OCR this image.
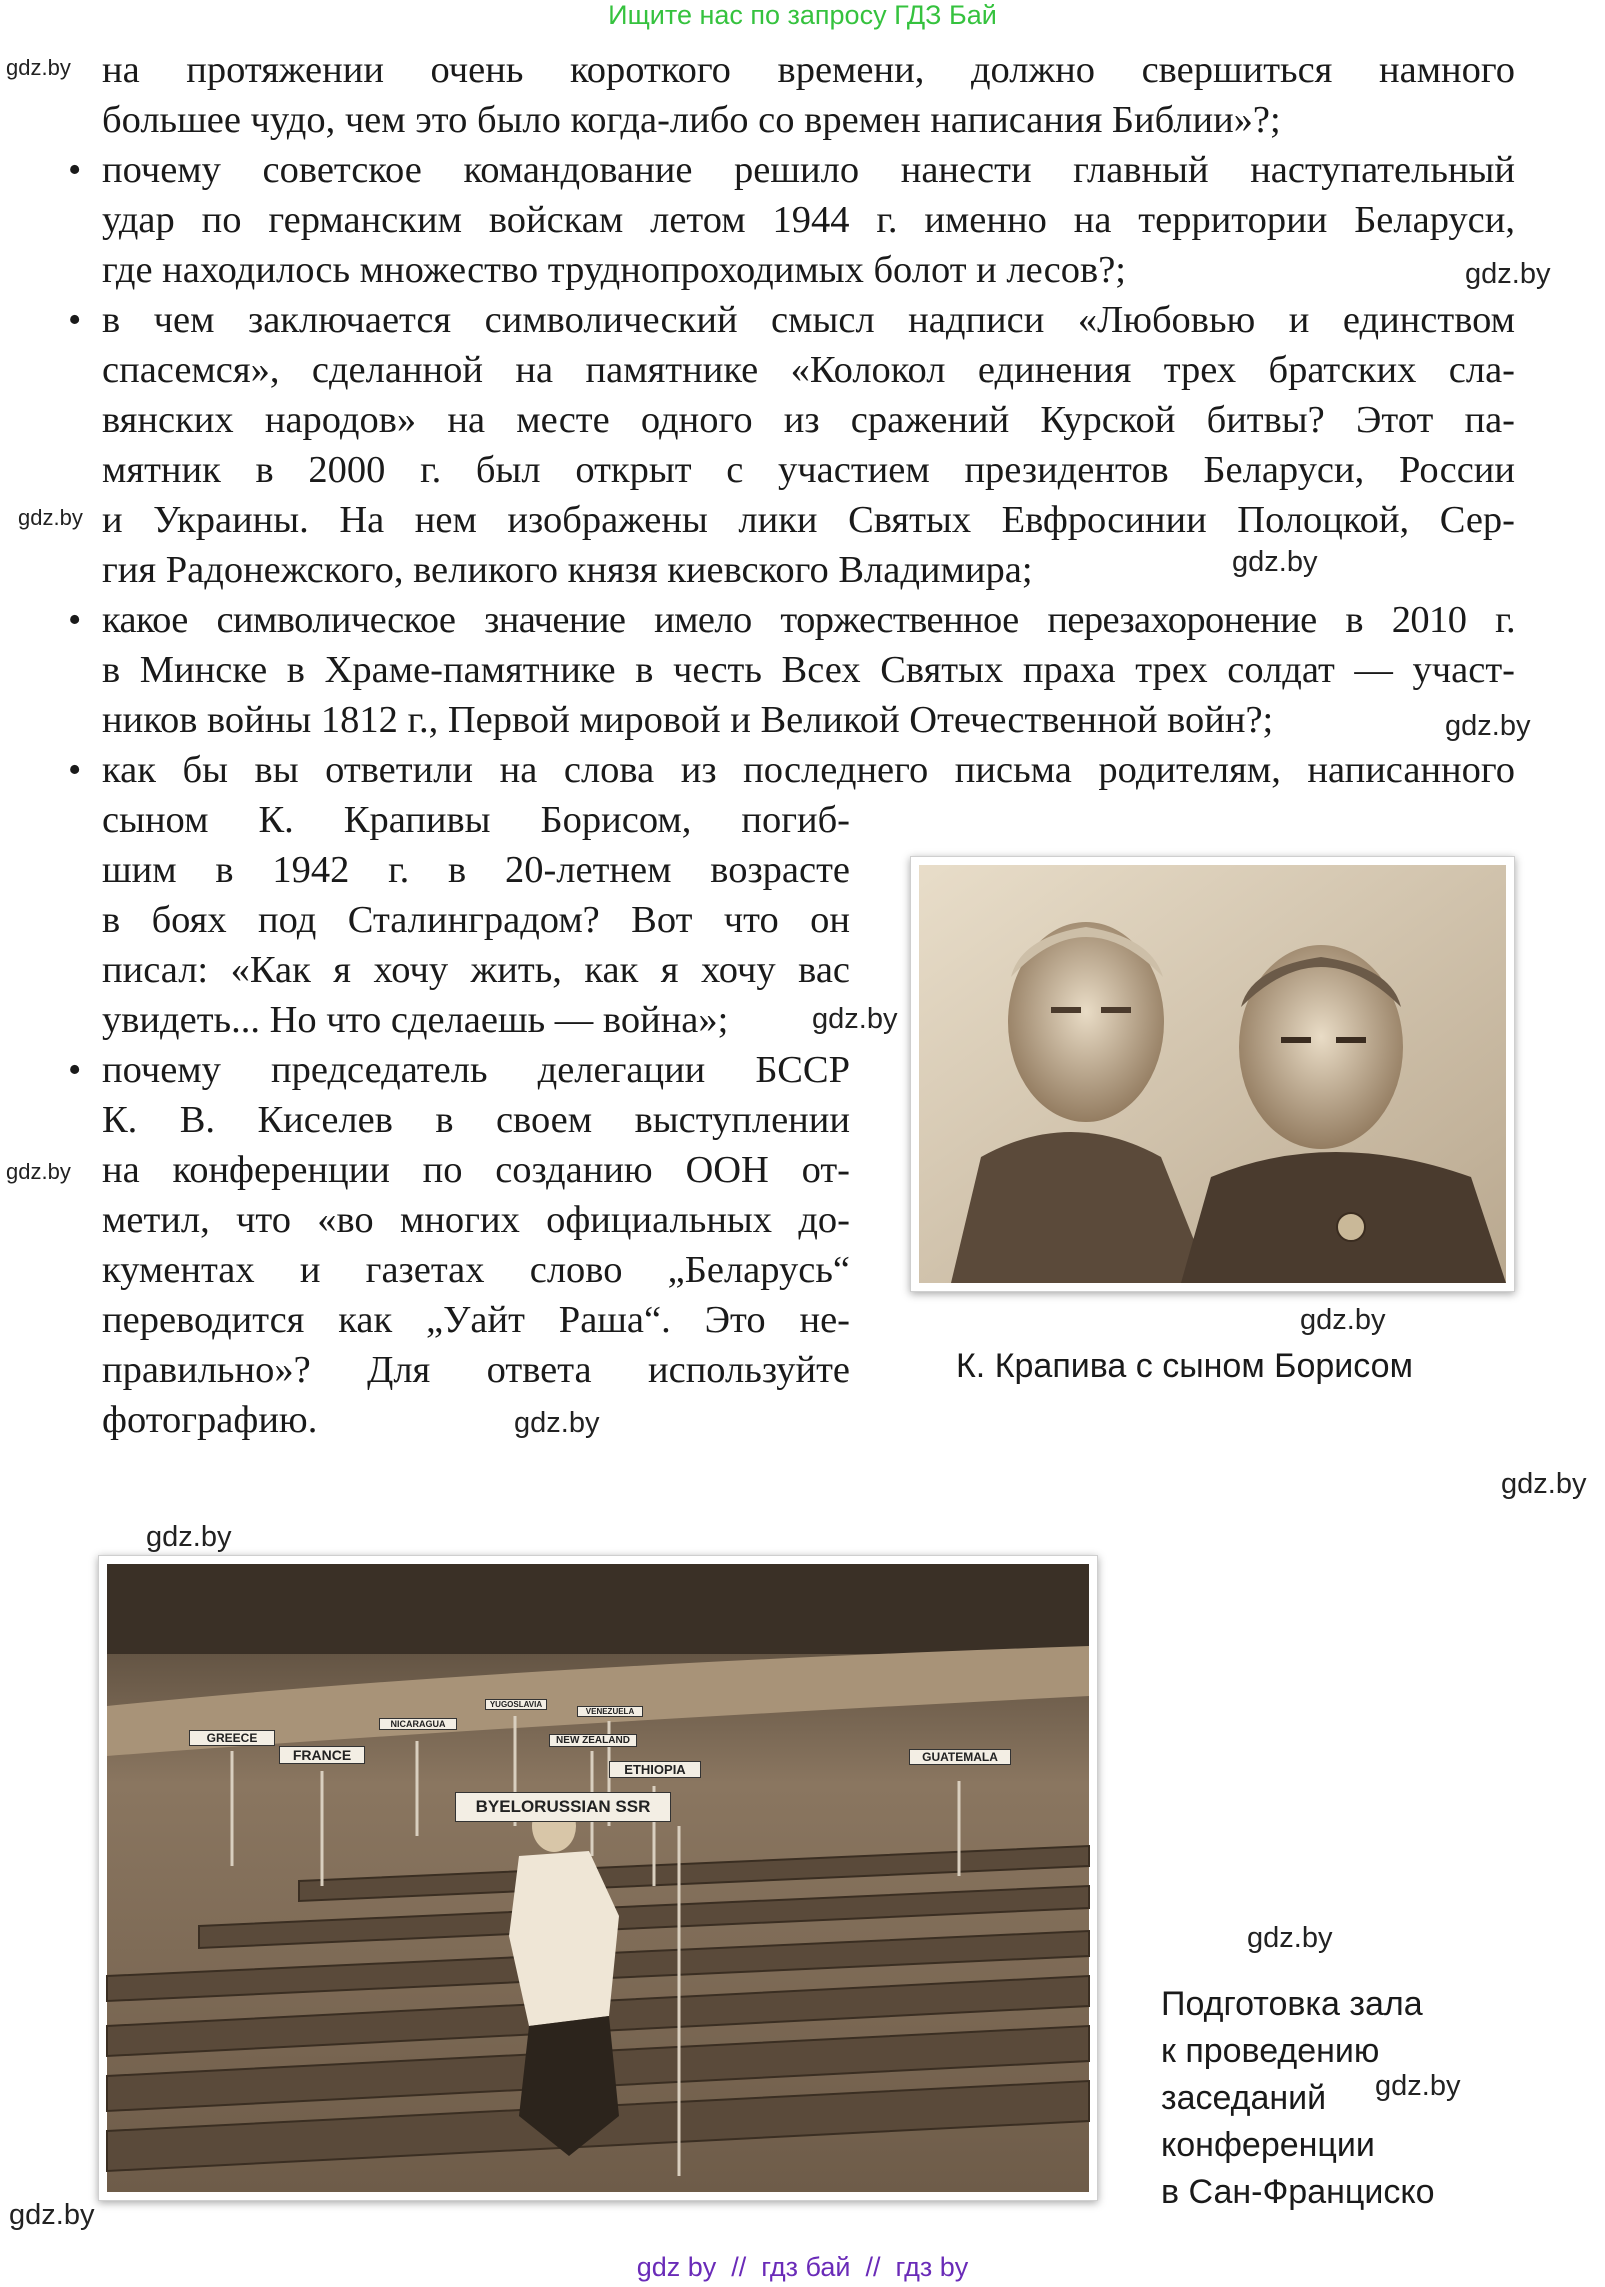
Ищите нас по запросу ГДЗ Бай
gdz.by
gdz.by
gdz.by
gdz.by
gdz.by
gdz.by
gdz.by
gdz.by
gdz.by
gdz.by
gdz.by
gdz.by
gdz.by
gdz.by
на протяжении очень короткого времени, должно свершиться намного
большее чудо, чем это было когда-либо со времен написания Библии»?;
• почему советское командование решило нанести главный наступательный
удар по германским войскам летом 1944 г. именно на территории Беларуси,
где находилось множество труднопроходимых болот и лесов?;
• в чем заключается символический смысл надписи «Любовью и единством
спасемся», сделанной на памятнике «Колокол единения трех братских сла-
вянских народов» на месте одного из сражений Курской битвы? Этот па-
мятник в 2000 г. был открыт с участием президентов Беларуси, России
и Украины. На нем изображены лики Святых Евфросинии Полоцкой, Сер-
гия Радонежского, великого князя киевского Владимира;
• какое символическое значение имело торжественное перезахоронение в 2010 г.
в Минске в Храме-памятнике в честь Всех Святых праха трех солдат — участ-
ников войны 1812 г., Первой мировой и Великой Отечественной войн?;
• как бы вы ответили на слова из последнего письма родителям, написанного
сыном К. Крапивы Борисом, погиб-
шим в 1942 г. в 20-летнем возрасте
в боях под Сталинградом? Вот что он
писал: «Как я хочу жить, как я хочу вас
увидеть... Но что сделаешь — война»;
• почему председатель делегации БССР
К. В. Киселев в своем выступлении
на конференции по созданию ООН от-
метил, что «во многих официальных до-
кументах и газетах слово „Беларусь“
переводится как „Уайт Раша“. Это не-
правильно»? Для ответа используйте
фотографию.
К. Крапива с сыном Борисом
GREECE
FRANCE
NICARAGUA
YUGOSLAVIA
VENEZUELA
NEW ZEALAND
ETHIOPIA
GUATEMALA
BYELORUSSIAN SSR
Подготовка зала
к проведению
заседаний
конференции
в Сан-Франциско
gdz by  //  гдз бай  //  гдз by
